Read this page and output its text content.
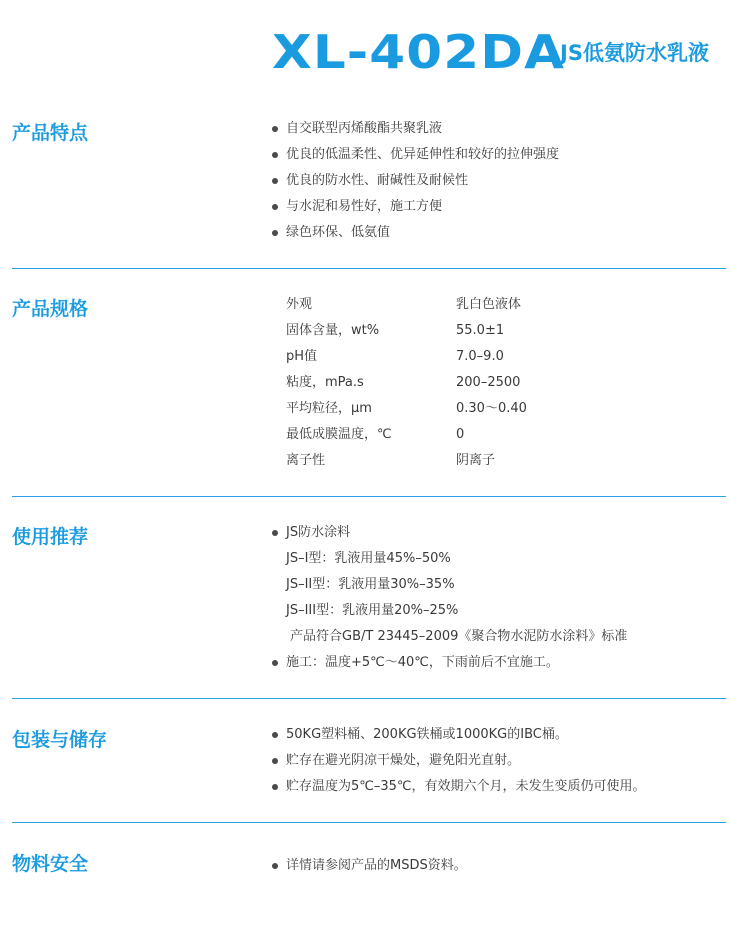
XL-402DA
JS低氨防水乳液
产品特点	自交联型丙烯酸酯共聚乳液
优良的低温柔性、优异延伸性和较好的拉伸强度
优良的防水性、耐碱性及耐候性
与水泥和易性好，施工方便
绿色环保、低氨值
产品规格	外观	乳白色液体
固体含量，wt%	55.0±1
pH值	7.0–9.0
粘度，mPa.s	200–2500
平均粒径，μm	0.30～0.40
最低成膜温度，℃	0
离子性	阴离子
使用推荐	JS防水涂料
JS–I型：乳液用量45%–50%
JS–II型：乳液用量30%–35%
JS–III型：乳液用量20%–25%
产品符合GB/T 23445–2009《聚合物水泥防水涂料》标准
施工：温度+5℃～40℃，下雨前后不宜施工。
包装与储存	50KG塑料桶、200KG铁桶或1000KG的IBC桶。
贮存在避光阴凉干燥处，避免阳光直射。
贮存温度为5℃–35℃，有效期六个月，未发生变质仍可使用。
物料安全	详情请参阅产品的MSDS资料。
